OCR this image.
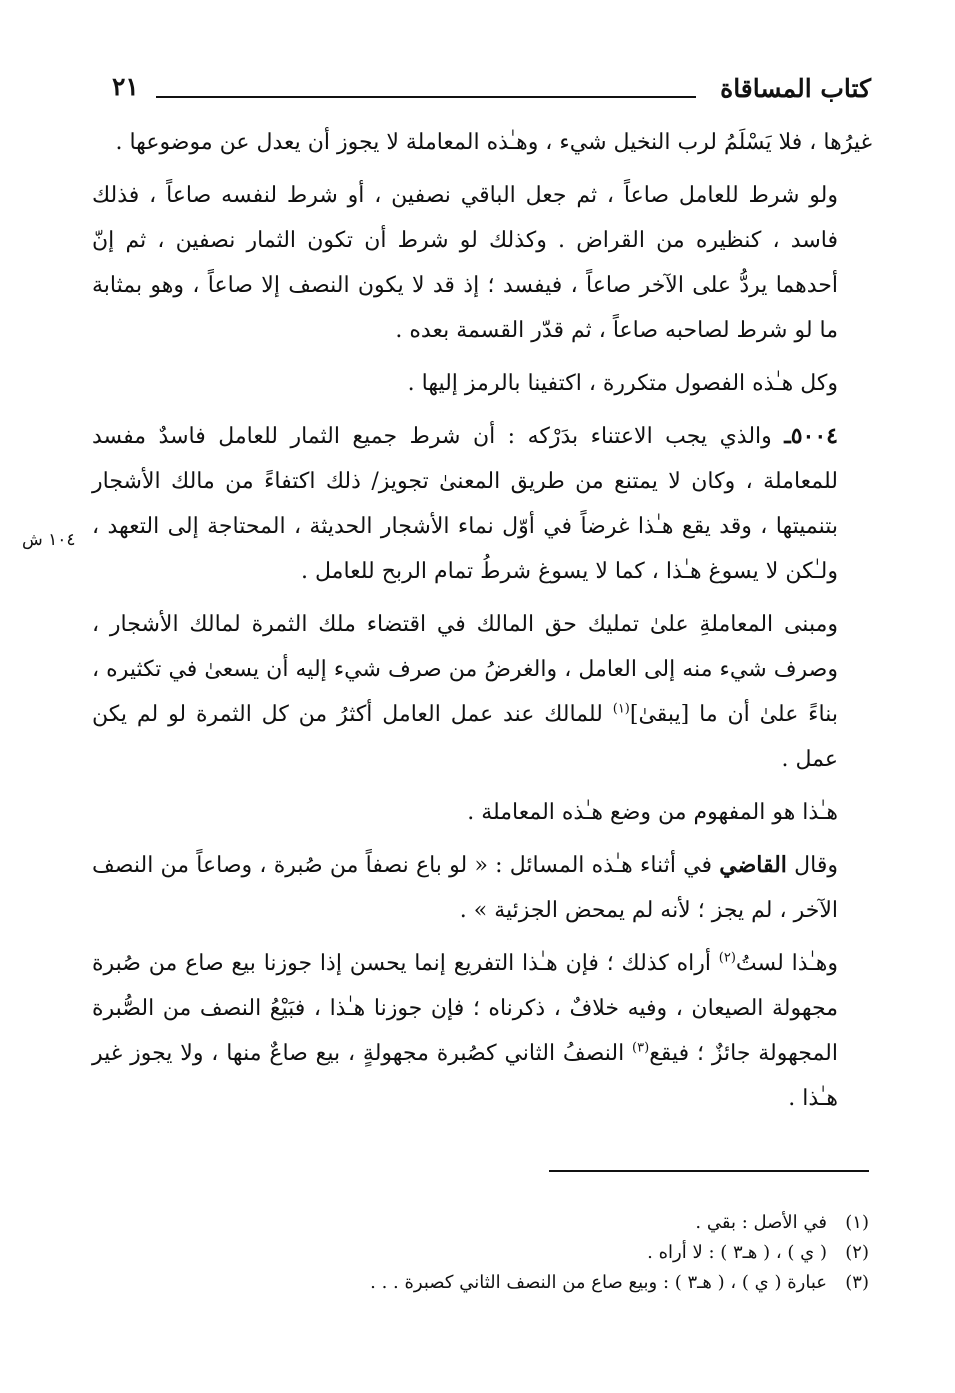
كتاب المساقاة
٢١
١٠٤ ش

غيرُها ، فلا يَسْلَمُ لرب النخيل شيء ، وهـٰذه المعاملة لا يجوز أن يعدل عن موضوعها .

ولو شرط للعامل صاعاً ، ثم جعل الباقي نصفين ، أو شرط لنفسه صاعاً ، فذلك فاسد ، كنظيره من القراض . وكذلك لو شرط أن تكون الثمار نصفين ، ثم إنّ أحدهما يردُّ على الآخر صاعاً ، فيفسد ؛ إذ قد لا يكون النصف إلا صاعاً ، وهو بمثابة ما لو شرط لصاحبه صاعاً ، ثم قدّر القسمة بعده .

وكل هـٰذه الفصول متكررة ، اكتفينا بالرمز إليها .

٥٠٠٤ـ والذي يجب الاعتناء بدَرْكه : أن شرط جميع الثمار للعامل فاسدٌ مفسد للمعاملة ، وكان لا يمتنع من طريق المعنىٰ تجويز/ ذلك اكتفاءً من مالك الأشجار بتنميتها ، وقد يقع هـٰذا غرضاً في أوّل نماء الأشجار الحديثة ، المحتاجة إلى التعهد ، ولـٰكن لا يسوغ هـٰذا ، كما لا يسوغ شرطُ تمام الربح للعامل .

ومبنى المعاملةِ علىٰ تمليك حق المالك في اقتضاء ملك الثمرة لمالك الأشجار ، وصرف شيء منه إلى العامل ، والغرضُ من صرف شيء إليه أن يسعىٰ في تكثيره ، بناءً علىٰ أن ما [يبقىٰ]$^{(١)}$ للمالك عند عمل العامل أكثرُ من كل الثمرة لو لم يكن عمل .

هـٰذا هو المفهوم من وضع هـٰذه المعاملة .

وقال القاضي في أثناء هـٰذه المسائل : « لو باع نصفاً من صُبرة ، وصاعاً من النصف الآخر ، لم يجز ؛ لأنه لم يمحض الجزئية » .

وهـٰذا لستُ$^{(٢)}$ أراه كذلك ؛ فإن هـٰذا التفريع إنما يحسن إذا جوزنا بيع صاع من صُبرة مجهولة الصيعان ، وفيه خلافٌ ، ذكرناه ؛ فإن جوزنا هـٰذا ، فبَيْعُ النصف من الصُّبرة المجهولة جائزٌ ؛ فيقع$^{(٣)}$ النصفُ الثاني كصُبرة مجهولةٍ ، بيع صاعٌ منها ، ولا يجوز غير هـٰذا .

(١)في الأصل : بقي .
(٢)( ي ) ، ( هـ٣ ) : لا أراه .
(٣)عبارة ( ي ) ، ( هـ٣ ) : وبيع صاع من النصف الثاني كصبرة . . .
